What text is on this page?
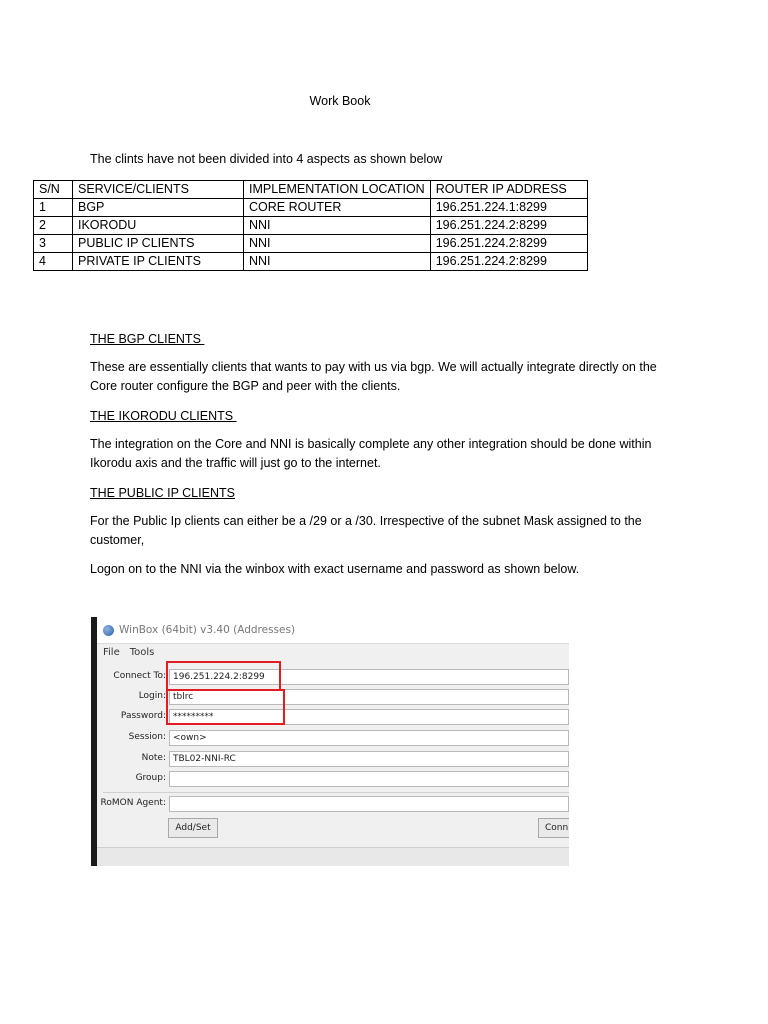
Work Book
The clints have not been divided into 4 aspects as shown below
S/N	SERVICE/CLIENTS	IMPLEMENTATION LOCATION	ROUTER IP ADDRESS
1	BGP	CORE ROUTER	196.251.224.1:8299
2	IKORODU	NNI	196.251.224.2:8299
3	PUBLIC IP CLIENTS	NNI	196.251.224.2:8299
4	PRIVATE IP CLIENTS	NNI	196.251.224.2:8299
THE BGP CLIENTS
These are essentially clients that wants to pay with us via bgp. We will actually integrate directly on the Core router configure the BGP and peer with the clients.
THE IKORODU CLIENTS
The integration on the Core and NNI is basically complete any other integration should be done within Ikorodu axis and the traffic will just go to the internet.
THE PUBLIC IP CLIENTS
For the Public Ip clients can either be a /29 or a /30. Irrespective of the subnet Mask assigned to the customer,
Logon on to the NNI via the winbox with exact username and password as shown below.
WinBox (64bit) v3.40 (Addresses)
File Tools
Connect To: 196.251.224.2:8299
Login: tblrc
Password: *********
Session: <own>
Note: TBL02-NNI-RC
Group:
RoMON Agent:
Add/Set	Conn
